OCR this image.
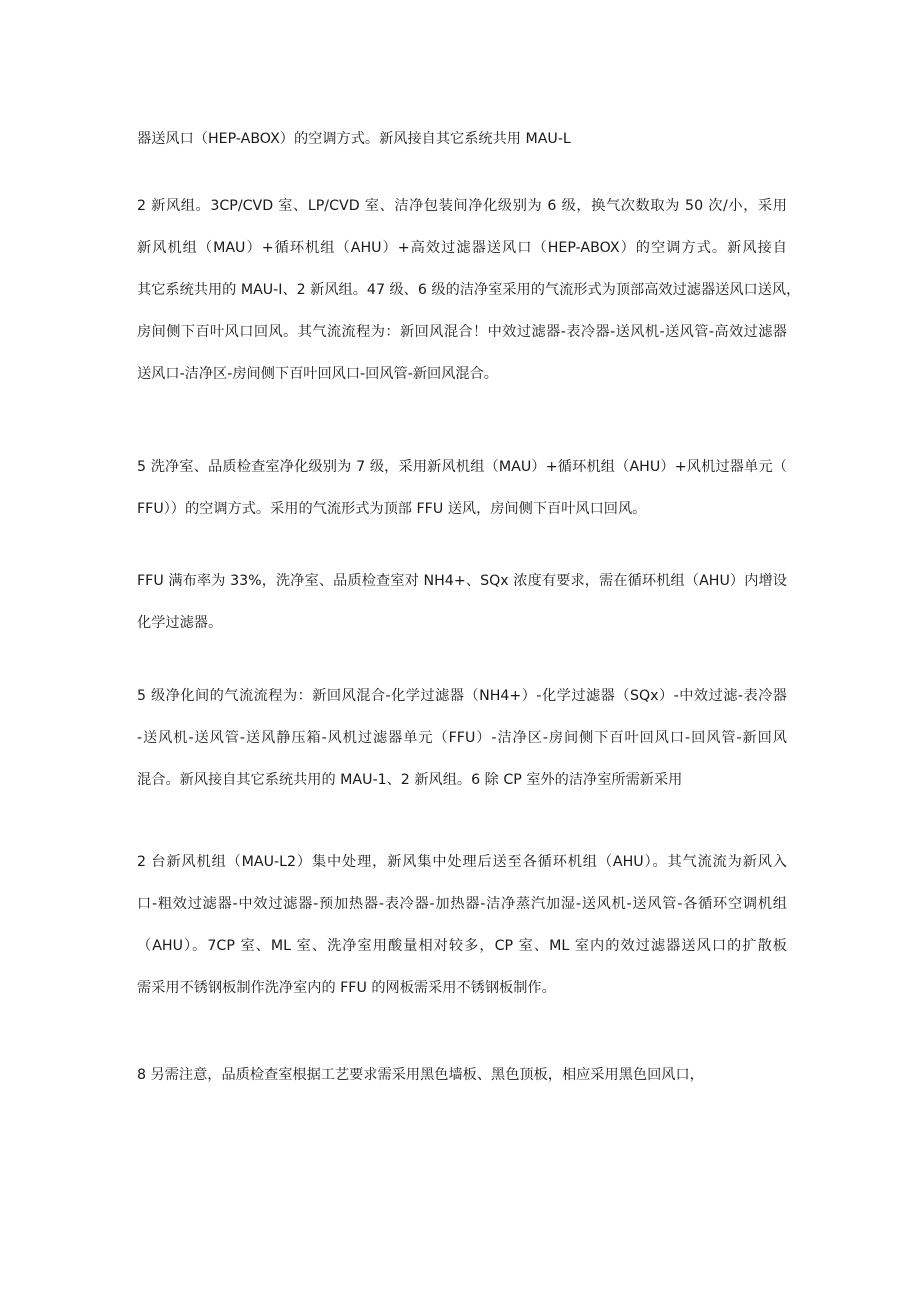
器送风口（HEP-ABOX）的空调方式。新风接自其它系统共用 MAU-L
2 新风组。3CP/CVD 室、LP/CVD 室、洁净包装间净化级别为 6 级，换气次数取为 50 次/小，采用
新风机组（MAU）+循环机组（AHU）+高效过滤器送风口（HEP-ABOX）的空调方式。新风接自
其它系统共用的 MAU-I、2 新风组。47 级、6 级的洁净室采用的气流形式为顶部高效过滤器送风口送风，
房间侧下百叶风口回风。其气流流程为：新回风混合！中效过滤器-表冷器-送风机-送风管-高效过滤器
送风口-洁净区-房间侧下百叶回风口-回风管-新回风混合。
5 洗净室、品质检查室净化级别为 7 级，采用新风机组（MAU）+循环机组（AHU）+风机过器单元（
FFU））的空调方式。采用的气流形式为顶部 FFU 送风，房间侧下百叶风口回风。
FFU 满布率为 33%，洗净室、品质检查室对 NH4+、SQx 浓度有要求，需在循环机组（AHU）内增设
化学过滤器。
5 级净化间的气流流程为：新回风混合-化学过滤器（NH4+）-化学过滤器（SQx）-中效过滤-表冷器
-送风机-送风管-送风静压箱-风机过滤器单元（FFU）-洁净区-房间侧下百叶回风口-回风管-新回风
混合。新风接自其它系统共用的 MAU-1、2 新风组。6 除 CP 室外的洁净室所需新采用
2 台新风机组（MAU-L2）集中处理，新风集中处理后送至各循环机组（AHU）。其气流流为新风入
口-粗效过滤器-中效过滤器-预加热器-表冷器-加热器-洁净蒸汽加湿-送风机-送风管-各循环空调机组
（AHU）。7CP 室、ML 室、洗净室用酸量相对较多，CP 室、ML 室内的效过滤器送风口的扩散板
需采用不锈钢板制作洗净室内的 FFU 的网板需采用不锈钢板制作。
8 另需注意，品质检查室根据工艺要求需采用黑色墙板、黑色顶板，相应采用黑色回风口，
